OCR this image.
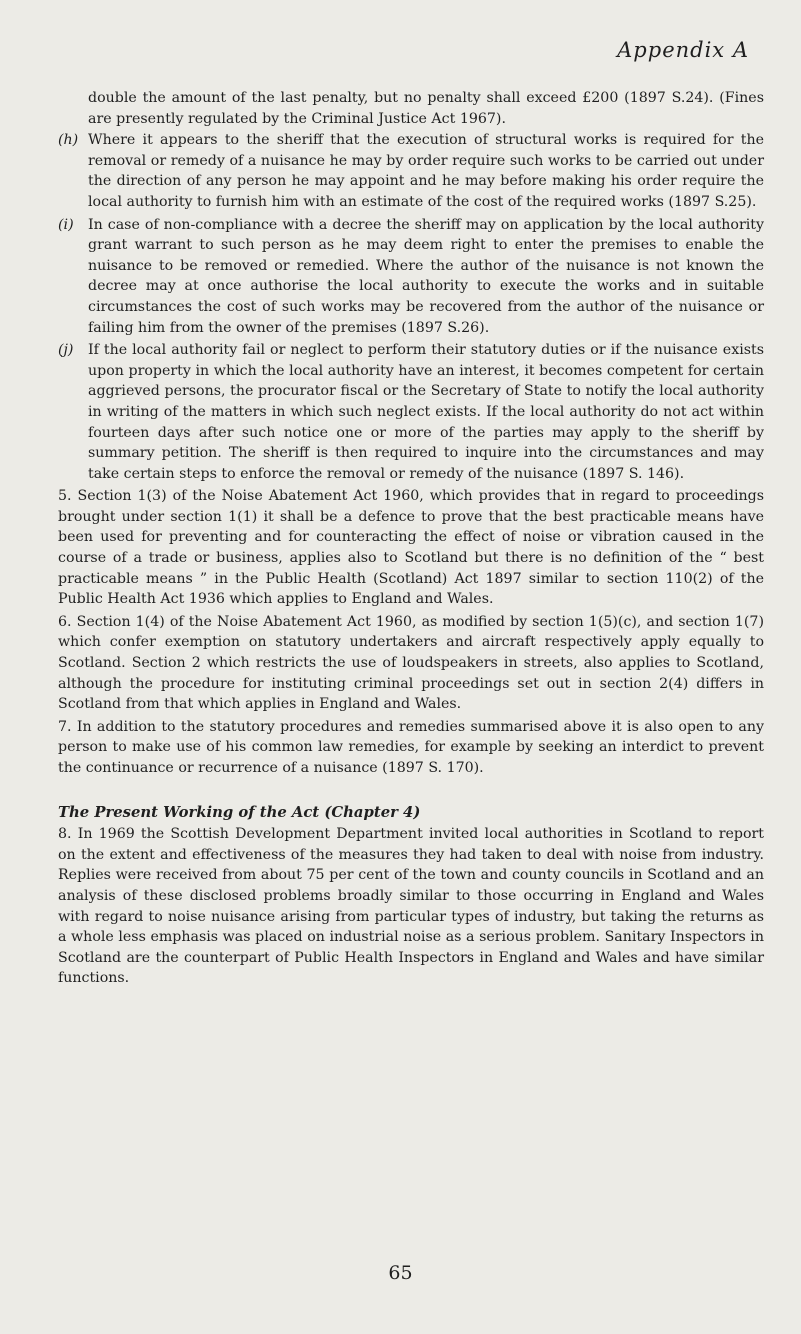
Appendix A

double the amount of the last penalty, but no penalty shall exceed £200 (1897 S.24). (Fines are presently regulated by the Criminal Justice Act 1967).

(h) Where it appears to the sheriff that the execution of structural works is required for the removal or remedy of a nuisance he may by order require such works to be carried out under the direction of any person he may appoint and he may before making his order require the local authority to furnish him with an estimate of the cost of the required works (1897 S.25).
(i)	In case of non-compliance with a decree the sheriff may on application by the local authority grant warrant to such person as he may deem right to enter the premises to enable the nuisance to be removed or remedied. Where the author of the nuisance is not known the decree may at once authorise the local authority to execute the works and in suitable circumstances the cost of such works may be recovered from the author of the nuisance or failing him from the owner of the premises (1897 S.26).
(j)	If the local authority fail or neglect to perform their statutory duties or if the nuisance exists upon property in which the local authority have an interest, it becomes competent for certain aggrieved persons, the procurator fiscal or the Secretary of State to notify the local authority in writing of the matters in which such neglect exists. If the local authority do not act within fourteen days after such notice one or more of the parties may apply to the sheriff by summary petition. The sheriff is then required to inquire into the circumstances and may take certain steps to enforce the removal or remedy of the nuisance (1897 S. 146).

5. Section 1(3) of the Noise Abatement Act 1960, which provides that in regard to proceedings brought under section 1(1) it shall be a defence to prove that the best practicable means have been used for preventing and for counteracting the effect of noise or vibration caused in the course of a trade or business, applies also to Scotland but there is no definition of the “ best practicable means ” in the Public Health (Scotland) Act 1897 similar to section 110(2) of the Public Health Act 1936 which applies to England and Wales.

6. Section 1(4) of the Noise Abatement Act 1960, as modified by section 1(5)(c), and section 1(7) which confer exemption on statutory undertakers and aircraft respectively apply equally to Scotland. Section 2 which restricts the use of loudspeakers in streets, also applies to Scotland, although the procedure for instituting criminal proceedings set out in section 2(4) differs in Scotland from that which applies in England and Wales.

7. In addition to the statutory procedures and remedies summarised above it is also open to any person to make use of his common law remedies, for example by seeking an interdict to prevent the continuance or recurrence of a nuisance (1897 S. 170).

The Present Working of the Act (Chapter 4)

8. In 1969 the Scottish Development Department invited local authorities in Scotland to report on the extent and effectiveness of the measures they had taken to deal with noise from industry. Replies were received from about 75 per cent of the town and county councils in Scotland and an analysis of these disclosed problems broadly similar to those occurring in England and Wales with regard to noise nuisance arising from particular types of industry, but taking the returns as a whole less emphasis was placed on industrial noise as a serious problem. Sanitary Inspectors in Scotland are the counterpart of Public Health Inspectors in England and Wales and have similar functions.

65
